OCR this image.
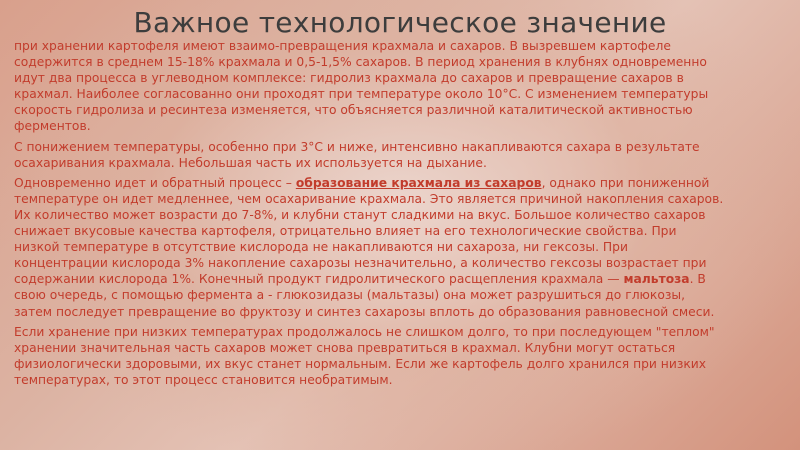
Важное технологическое значение

при хранении картофеля имеют взаимо-превращения крахмала и сахаров. В вызревшем картофеле содержится в среднем 15-18% крахмала и 0,5-1,5% сахаров. В период хранения в клубнях одновременно идут два процесса в углеводном комплексе: гидролиз крахмала до сахаров и превращение сахаров в крахмал. Наиболее согласованно они проходят при температуре около 10°С. С изменением температуры скорость гидролиза и ресинтеза изменяется, что объясняется различной каталитической активностью ферментов.

С понижением температуры, особенно при 3°С и ниже, интенсивно накапливаются сахара в результате осахаривания крахмала. Небольшая часть их используется на дыхание.

Одновременно идет и обратный процесс – образование крахмала из сахаров, однако при пониженной температуре он идет медленнее, чем осахаривание крахмала. Это является причиной накопления сахаров. Их количество может возрасти до 7-8%, и клубни станут сладкими на вкус. Большое количество сахаров снижает вкусовые качества картофеля, отрицательно влияет на его технологические свойства. При низкой температуре в отсутствие кислорода не накапливаются ни сахароза, ни гексозы. При концентрации кислорода 3% накопление сахарозы незначительно, а количество гексозы возрастает при содержании кислорода 1%. Конечный продукт гидролитического расщепления крахмала — мальтоза. В свою очередь, с помощью фермента а - глюкозидазы (мальтазы) она может разрушиться до глюкозы, затем последует превращение во фруктозу и синтез сахарозы вплоть до образования равновесной смеси.

Если хранение при низких температурах продолжалось не слишком долго, то при последующем "теплом" хранении значительная часть сахаров может снова превратиться в крахмал. Клубни могут остаться физиологически здоровыми, их вкус станет нормальным. Если же картофель долго хранился при низких температурах, то этот процесс становится необратимым.
